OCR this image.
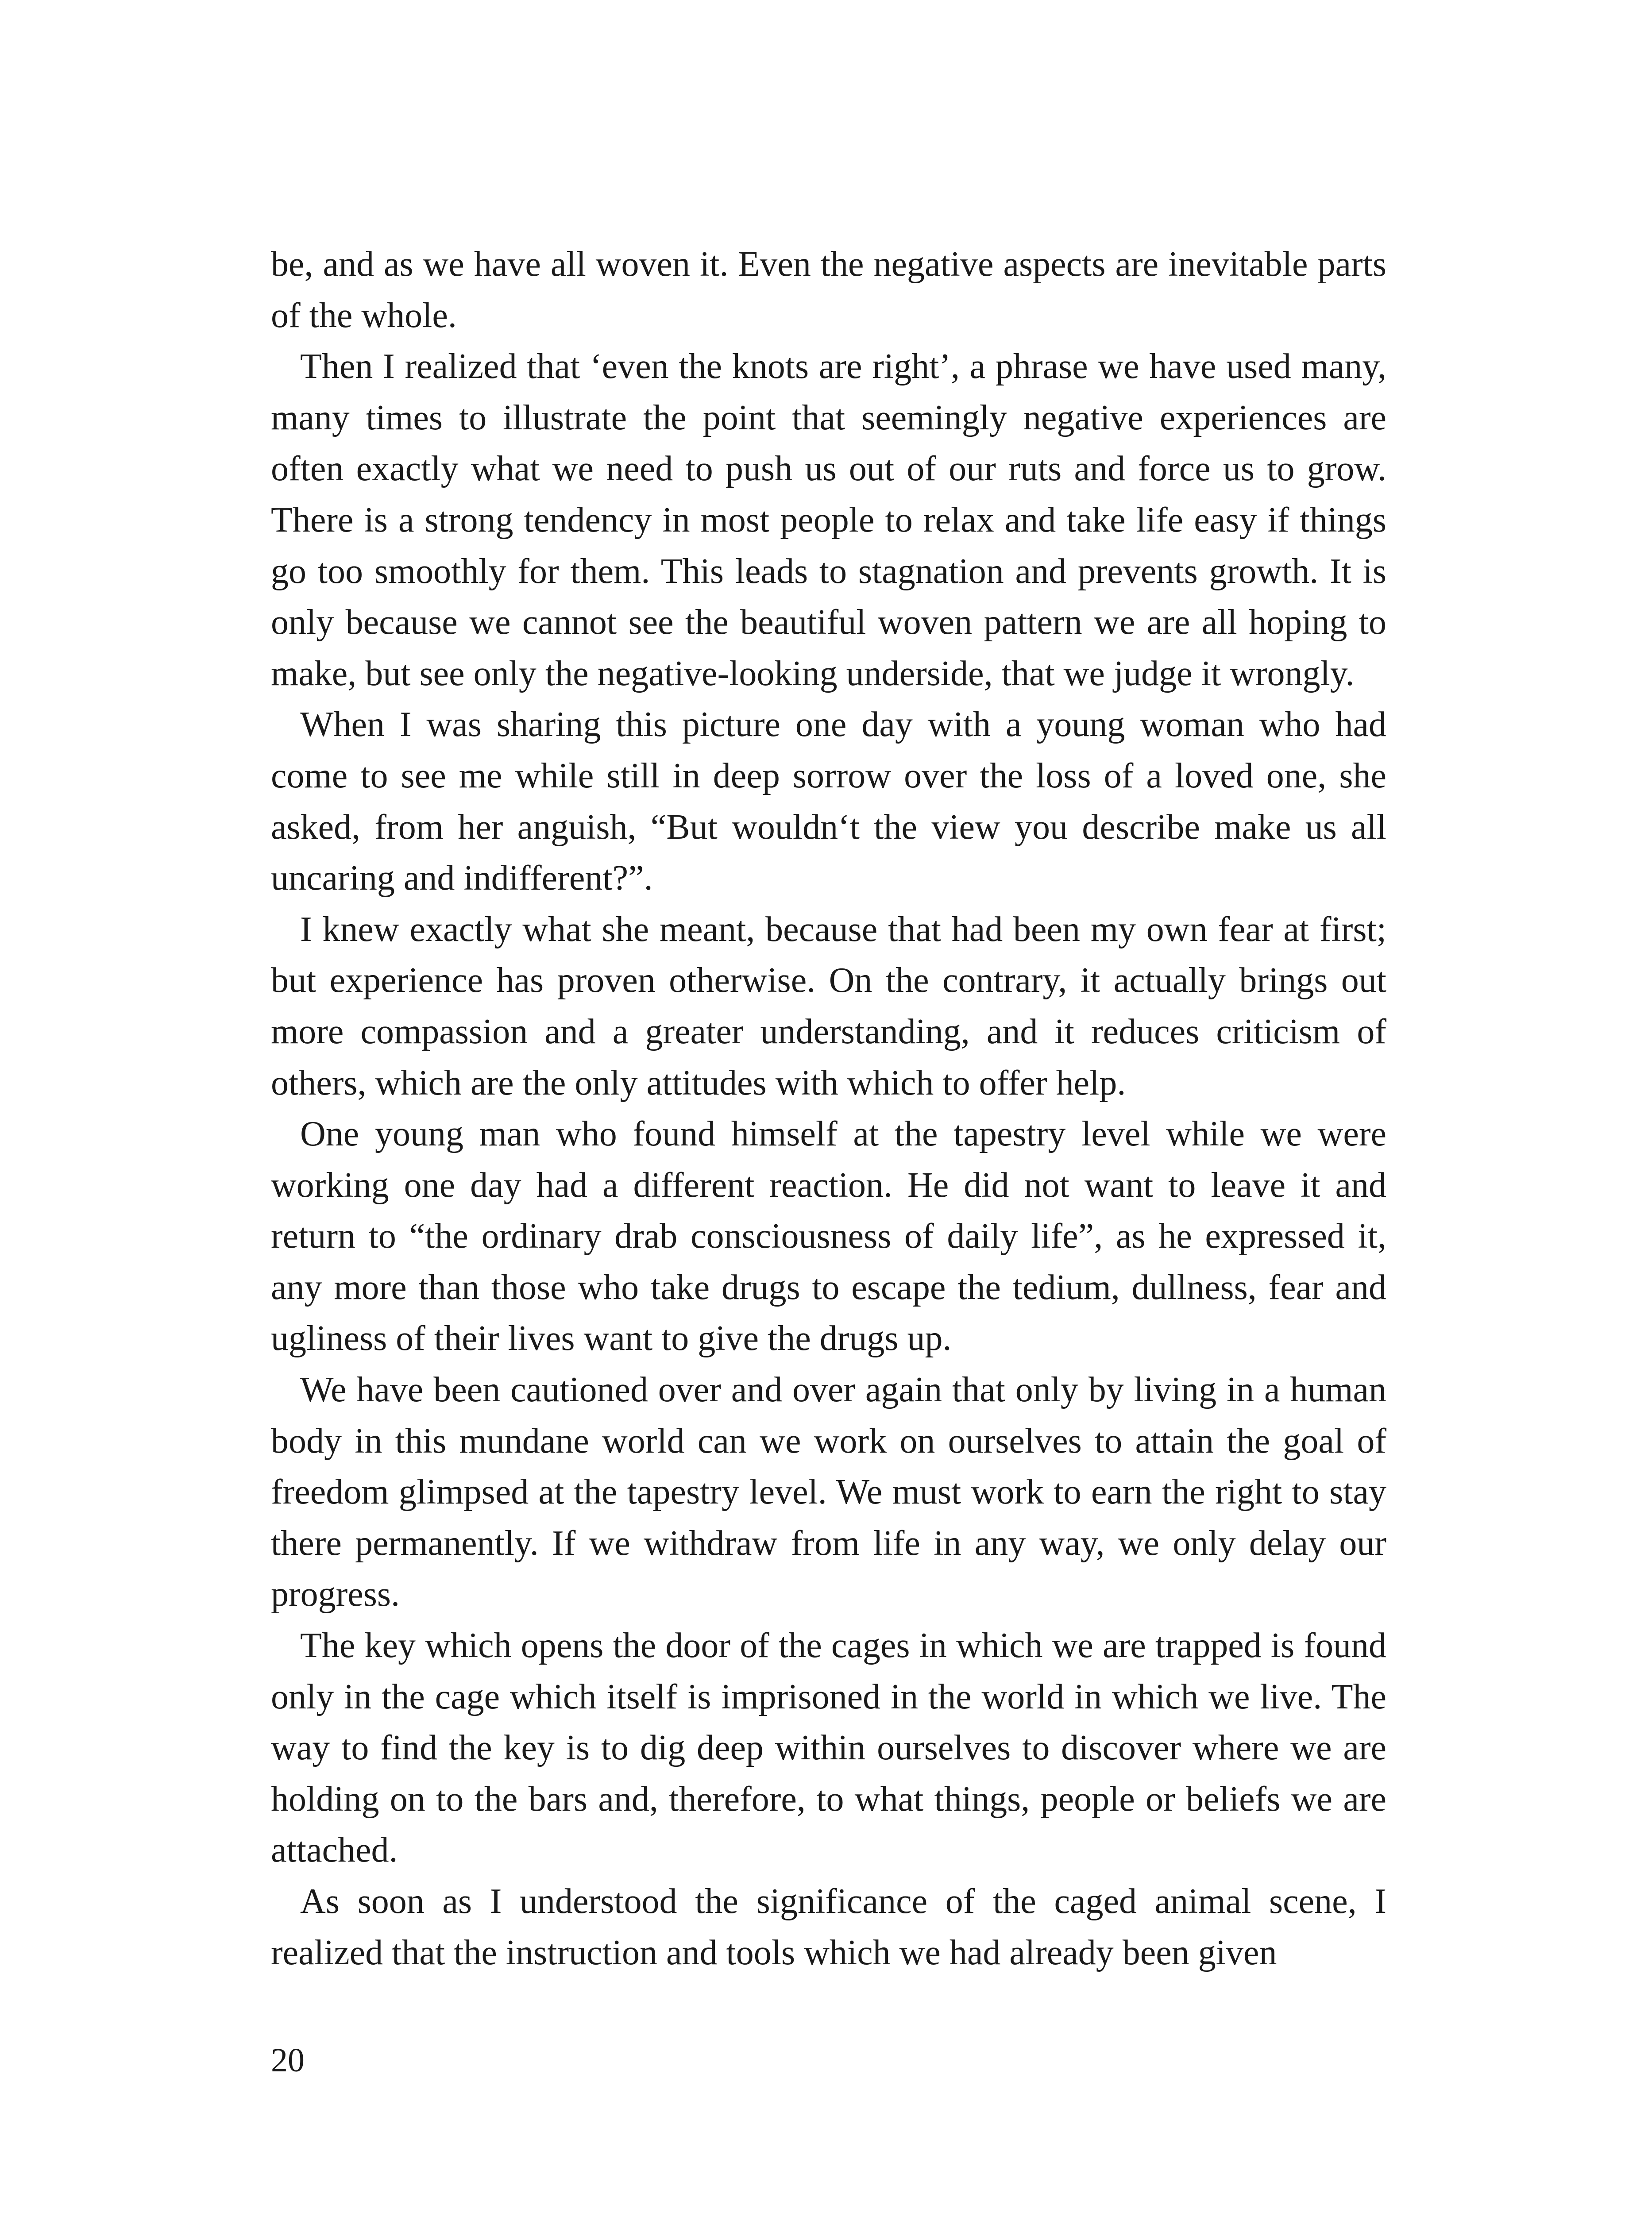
be, and as we have all woven it. Even the negative aspects are inevitable parts of the whole.

Then I realized that ‘even the knots are right’, a phrase we have used many, many times to illustrate the point that seemingly negative experiences are often exactly what we need to push us out of our ruts and force us to grow. There is a strong tendency in most people to relax and take life easy if things go too smoothly for them. This leads to stagnation and prevents growth. It is only because we cannot see the beautiful woven pattern we are all hoping to make, but see only the negative-looking underside, that we judge it wrongly.

When I was sharing this picture one day with a young woman who had come to see me while still in deep sorrow over the loss of a loved one, she asked, from her anguish, “But wouldn‘t the view you describe make us all uncaring and indifferent?”.

I knew exactly what she meant, because that had been my own fear at first; but experience has proven otherwise. On the contrary, it actually brings out more compassion and a greater understanding, and it reduces criticism of others, which are the only attitudes with which to offer help.

One young man who found himself at the tapestry level while we were working one day had a different reaction. He did not want to leave it and return to “the ordinary drab consciousness of daily life”, as he expressed it, any more than those who take drugs to escape the tedium, dullness, fear and ugliness of their lives want to give the drugs up.

We have been cautioned over and over again that only by living in a human body in this mundane world can we work on ourselves to attain the goal of freedom glimpsed at the tapestry level. We must work to earn the right to stay there permanently. If we withdraw from life in any way, we only delay our progress.

The key which opens the door of the cages in which we are trapped is found only in the cage which itself is imprisoned in the world in which we live. The way to find the key is to dig deep within ourselves to discover where we are holding on to the bars and, therefore, to what things, people or beliefs we are attached.

As soon as I understood the significance of the caged animal scene, I realized that the instruction and tools which we had already been given

20
